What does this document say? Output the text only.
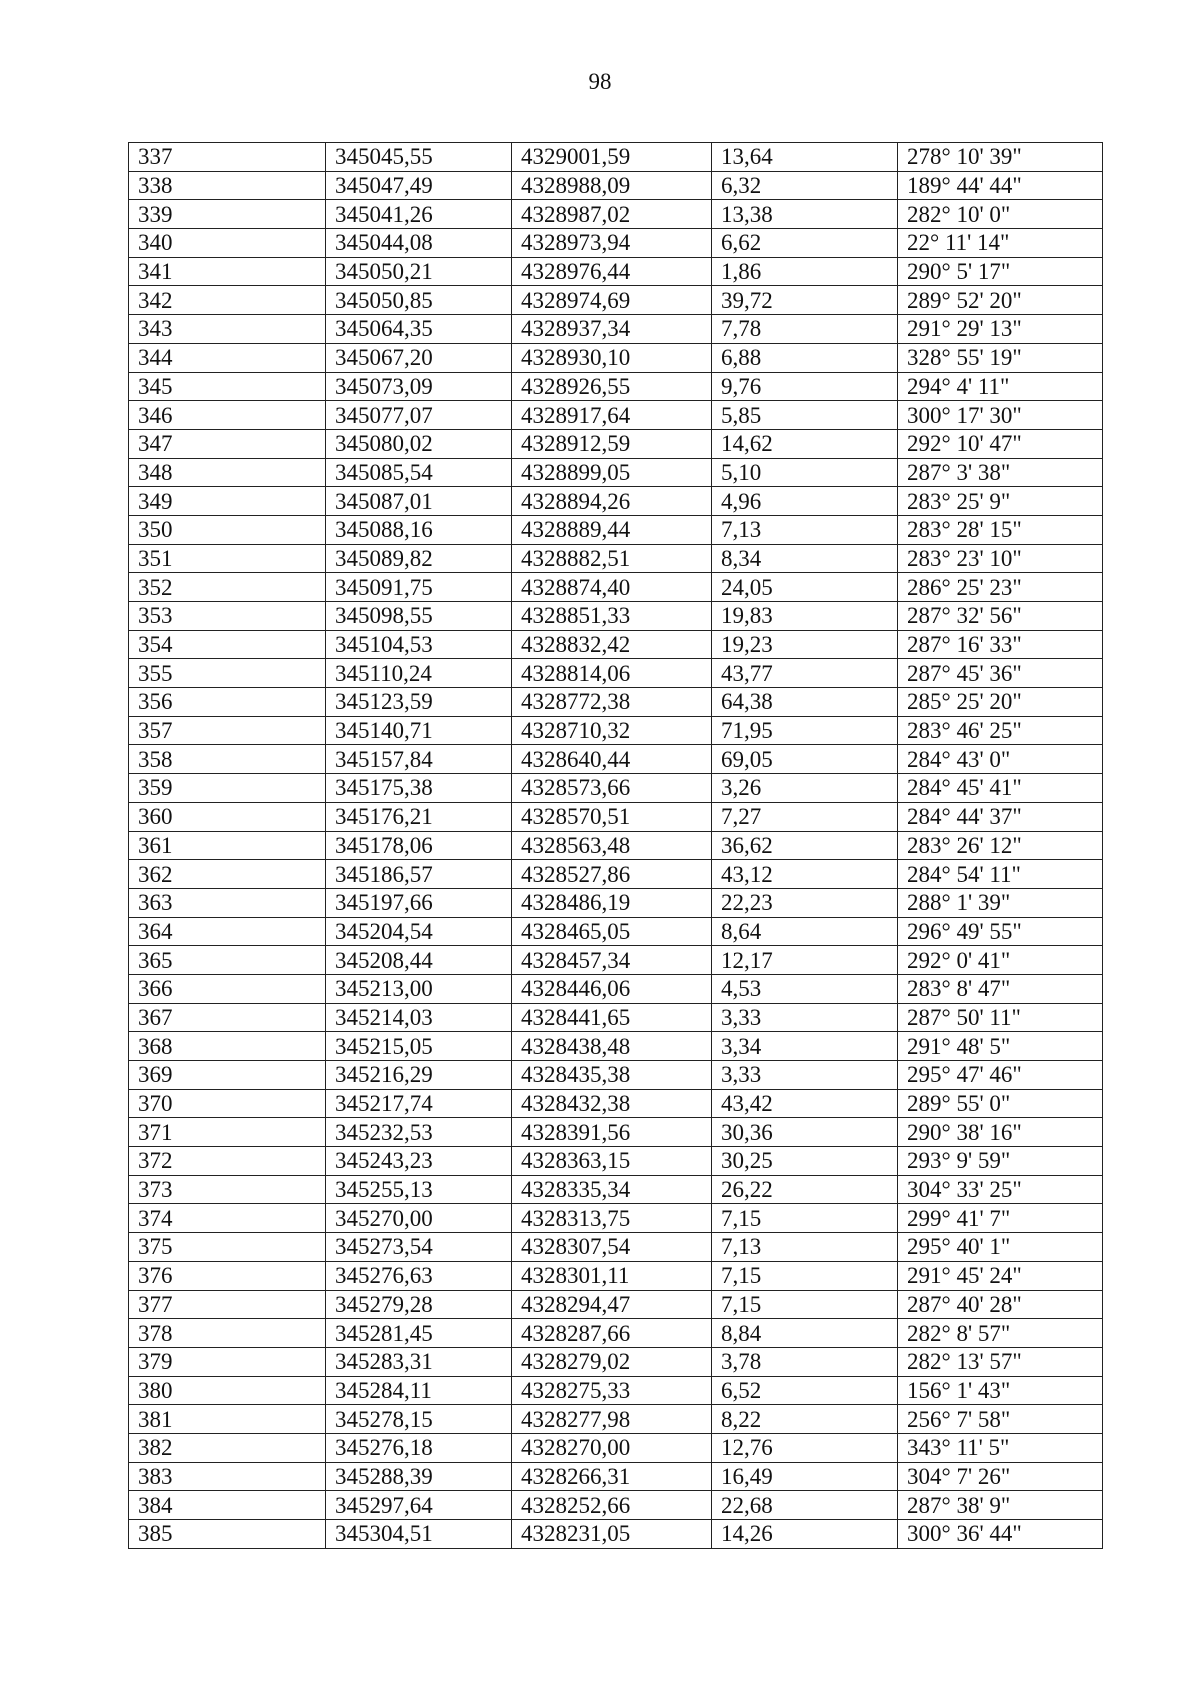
98
337	345045,55	4329001,59	13,64	278° 10' 39"
338	345047,49	4328988,09	6,32	189° 44' 44"
339	345041,26	4328987,02	13,38	282° 10' 0"
340	345044,08	4328973,94	6,62	22° 11' 14"
341	345050,21	4328976,44	1,86	290° 5' 17"
342	345050,85	4328974,69	39,72	289° 52' 20"
343	345064,35	4328937,34	7,78	291° 29' 13"
344	345067,20	4328930,10	6,88	328° 55' 19"
345	345073,09	4328926,55	9,76	294° 4' 11"
346	345077,07	4328917,64	5,85	300° 17' 30"
347	345080,02	4328912,59	14,62	292° 10' 47"
348	345085,54	4328899,05	5,10	287° 3' 38"
349	345087,01	4328894,26	4,96	283° 25' 9"
350	345088,16	4328889,44	7,13	283° 28' 15"
351	345089,82	4328882,51	8,34	283° 23' 10"
352	345091,75	4328874,40	24,05	286° 25' 23"
353	345098,55	4328851,33	19,83	287° 32' 56"
354	345104,53	4328832,42	19,23	287° 16' 33"
355	345110,24	4328814,06	43,77	287° 45' 36"
356	345123,59	4328772,38	64,38	285° 25' 20"
357	345140,71	4328710,32	71,95	283° 46' 25"
358	345157,84	4328640,44	69,05	284° 43' 0"
359	345175,38	4328573,66	3,26	284° 45' 41"
360	345176,21	4328570,51	7,27	284° 44' 37"
361	345178,06	4328563,48	36,62	283° 26' 12"
362	345186,57	4328527,86	43,12	284° 54' 11"
363	345197,66	4328486,19	22,23	288° 1' 39"
364	345204,54	4328465,05	8,64	296° 49' 55"
365	345208,44	4328457,34	12,17	292° 0' 41"
366	345213,00	4328446,06	4,53	283° 8' 47"
367	345214,03	4328441,65	3,33	287° 50' 11"
368	345215,05	4328438,48	3,34	291° 48' 5"
369	345216,29	4328435,38	3,33	295° 47' 46"
370	345217,74	4328432,38	43,42	289° 55' 0"
371	345232,53	4328391,56	30,36	290° 38' 16"
372	345243,23	4328363,15	30,25	293° 9' 59"
373	345255,13	4328335,34	26,22	304° 33' 25"
374	345270,00	4328313,75	7,15	299° 41' 7"
375	345273,54	4328307,54	7,13	295° 40' 1"
376	345276,63	4328301,11	7,15	291° 45' 24"
377	345279,28	4328294,47	7,15	287° 40' 28"
378	345281,45	4328287,66	8,84	282° 8' 57"
379	345283,31	4328279,02	3,78	282° 13' 57"
380	345284,11	4328275,33	6,52	156° 1' 43"
381	345278,15	4328277,98	8,22	256° 7' 58"
382	345276,18	4328270,00	12,76	343° 11' 5"
383	345288,39	4328266,31	16,49	304° 7' 26"
384	345297,64	4328252,66	22,68	287° 38' 9"
385	345304,51	4328231,05	14,26	300° 36' 44"
